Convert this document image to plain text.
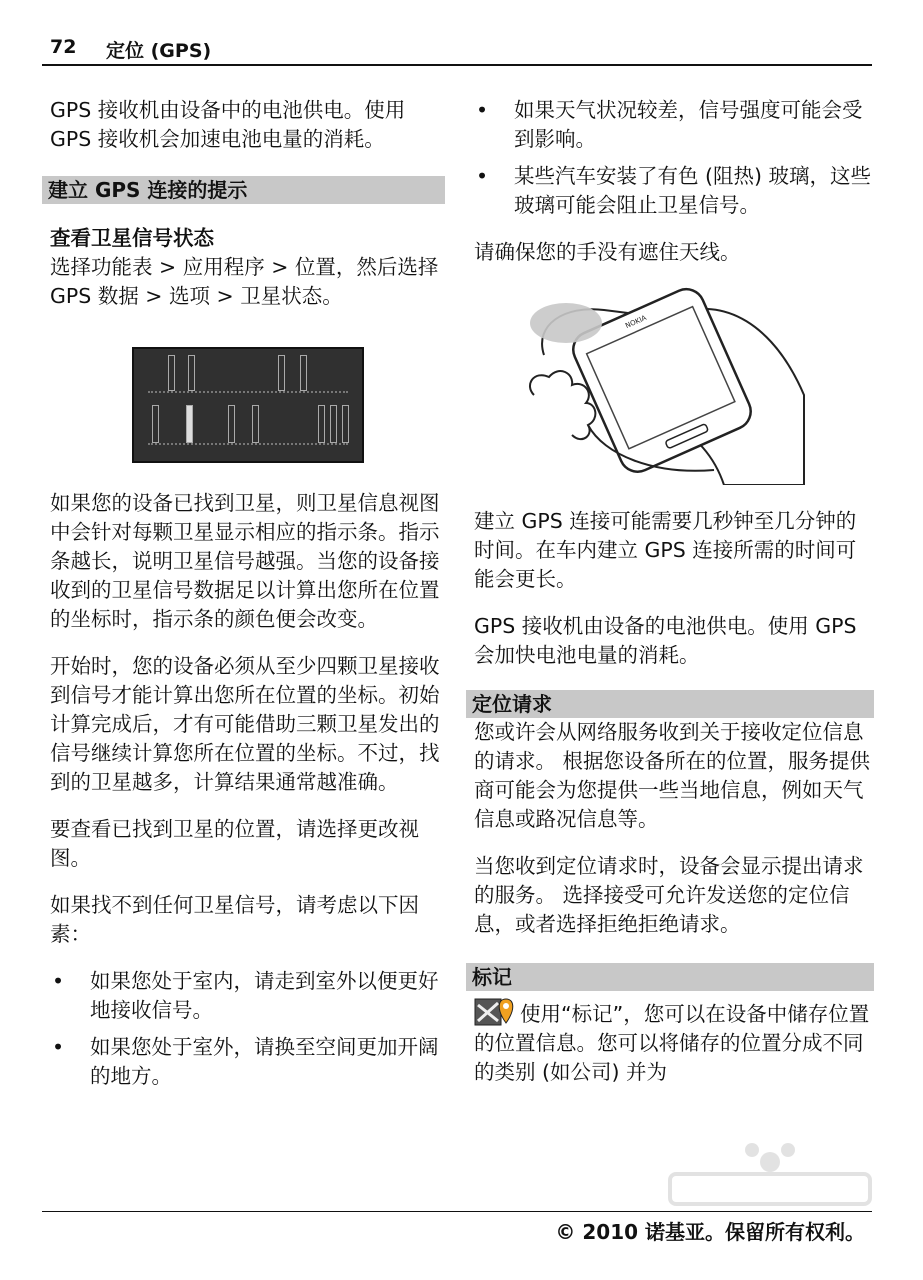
72 定位 (GPS)

GPS 接收机由设备中的电池供电。使用 GPS 接收机会加速电池电量的消耗。

建立 GPS 连接的提示
查看卫星信号状态

选择功能表 > 应用程序 > 位置，然后选择 GPS 数据 > 选项 > 卫星状态。

如果您的设备已找到卫星，则卫星信息视图中会针对每颗卫星显示相应的指示条。指示条越长，说明卫星信号越强。当您的设备接收到的卫星信号数据足以计算出您所在位置的坐标时，指示条的颜色便会改变。

开始时，您的设备必须从至少四颗卫星接收到信号才能计算出您所在位置的坐标。初始计算完成后，才有可能借助三颗卫星发出的信号继续计算您所在位置的坐标。不过，找到的卫星越多，计算结果通常越准确。

要查看已找到卫星的位置，请选择更改视图。

如果找不到任何卫星信号，请考虑以下因素：

• 如果您处于室内，请走到室外以便更好地接收信号。
• 如果您处于室外，请换至空间更加开阔的地方。
• 如果天气状况较差，信号强度可能会受到影响。
• 某些汽车安装了有色 (阻热) 玻璃，这些玻璃可能会阻止卫星信号。

请确保您的手没有遮住天线。

NOKIA

建立 GPS 连接可能需要几秒钟至几分钟的时间。在车内建立 GPS 连接所需的时间可能会更长。

GPS 接收机由设备的电池供电。使用 GPS 会加快电池电量的消耗。

定位请求

您或许会从网络服务收到关于接收定位信息的请求。 根据您设备所在的位置，服务提供商可能会为您提供一些当地信息，例如天气信息或路况信息等。

当您收到定位请求时，设备会显示提出请求的服务。 选择接受可允许发送您的定位信息，或者选择拒绝拒绝请求。

标记

使用“标记”，您可以在设备中储存位置的位置信息。您可以将储存的位置分成不同的类别 (如公司) 并为

© 2010 诺基亚。保留所有权利。
